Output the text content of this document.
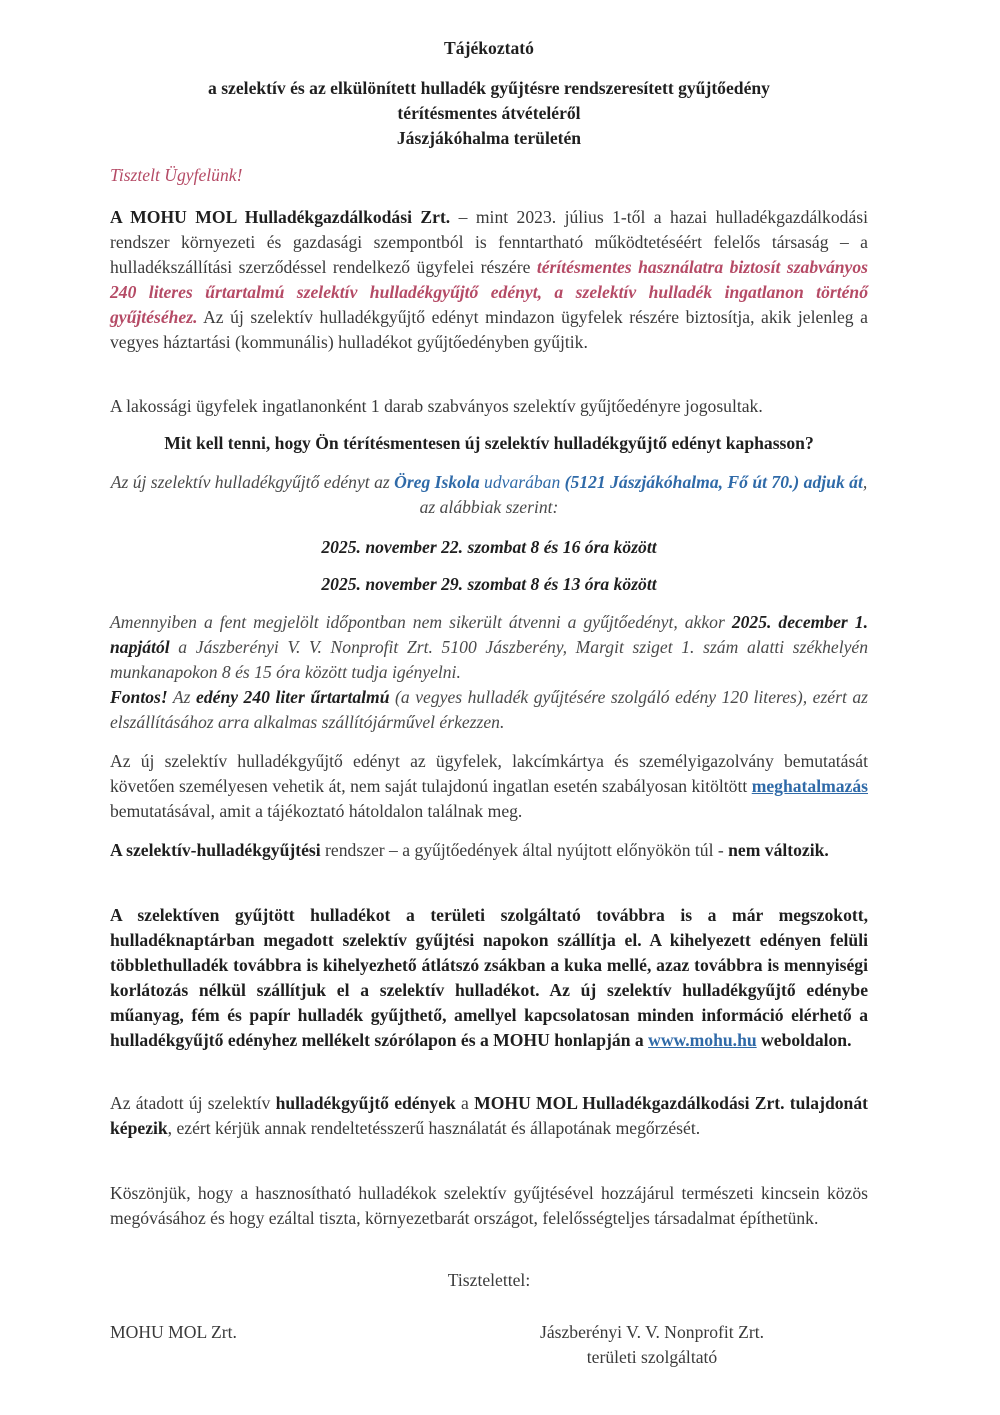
Tájékoztató
a szelektív és az elkülönített hulladék gyűjtésre rendszeresített gyűjtőedény
térítésmentes átvételéről
Jászjákóhalma területén
Tisztelt Ügyfelünk!
A MOHU MOL Hulladékgazdálkodási Zrt. – mint 2023. július 1-től a hazai hulladékgazdálkodási rendszer környezeti és gazdasági szempontból is fenntartható működtetéséért felelős társaság – a hulladékszállítási szerződéssel rendelkező ügyfelei részére térítésmentes használatra biztosít szabványos 240 literes űrtartalmú szelektív hulladékgyűjtő edényt, a szelektív hulladék ingatlanon történő gyűjtéséhez. Az új szelektív hulladékgyűjtő edényt mindazon ügyfelek részére biztosítja, akik jelenleg a vegyes háztartási (kommunális) hulladékot gyűjtőedényben gyűjtik.
A lakossági ügyfelek ingatlanonként 1 darab szabványos szelektív gyűjtőedényre jogosultak.
Mit kell tenni, hogy Ön térítésmentesen új szelektív hulladékgyűjtő edényt kaphasson?
Az új szelektív hulladékgyűjtő edényt az Öreg Iskola udvarában (5121 Jászjákóhalma, Fő út 70.) adjuk át, az alábbiak szerint:
2025. november 22. szombat 8 és 16 óra között
2025. november 29. szombat 8 és 13 óra között
Amennyiben a fent megjelölt időpontban nem sikerült átvenni a gyűjtőedényt, akkor 2025. december 1. napjától a Jászberényi V. V. Nonprofit Zrt. 5100 Jászberény, Margit sziget 1. szám alatti székhelyén munkanapokon 8 és 15 óra között tudja igényelni.
Fontos! Az edény 240 liter űrtartalmú (a vegyes hulladék gyűjtésére szolgáló edény 120 literes), ezért az elszállításához arra alkalmas szállítójárművel érkezzen.
Az új szelektív hulladékgyűjtő edényt az ügyfelek, lakcímkártya és személyigazolvány bemutatását követően személyesen vehetik át, nem saját tulajdonú ingatlan esetén szabályosan kitöltött meghatalmazás bemutatásával, amit a tájékoztató hátoldalon találnak meg.
A szelektív-hulladékgyűjtési rendszer – a gyűjtőedények által nyújtott előnyökön túl - nem változik.
A szelektíven gyűjtött hulladékot a területi szolgáltató továbbra is a már megszokott, hulladéknaptárban megadott szelektív gyűjtési napokon szállítja el. A kihelyezett edényen felüli többlethulladék továbbra is kihelyezhető átlátszó zsákban a kuka mellé, azaz továbbra is mennyiségi korlátozás nélkül szállítjuk el a szelektív hulladékot. Az új szelektív hulladékgyűjtő edénybe műanyag, fém és papír hulladék gyűjthető, amellyel kapcsolatosan minden információ elérhető a hulladékgyűjtő edényhez mellékelt szórólapon és a MOHU honlapján a www.mohu.hu weboldalon.
Az átadott új szelektív hulladékgyűjtő edények a MOHU MOL Hulladékgazdálkodási Zrt. tulajdonát képezik, ezért kérjük annak rendeltetésszerű használatát és állapotának megőrzését.
Köszönjük, hogy a hasznosítható hulladékok szelektív gyűjtésével hozzájárul természeti kincsein közös megóvásához és hogy ezáltal tiszta, környezetbarát országot, felelősségteljes társadalmat építhetünk.
Tisztelettel:
MOHU MOL Zrt.	Jászberényi V. V. Nonprofit Zrt.
területi szolgáltató
